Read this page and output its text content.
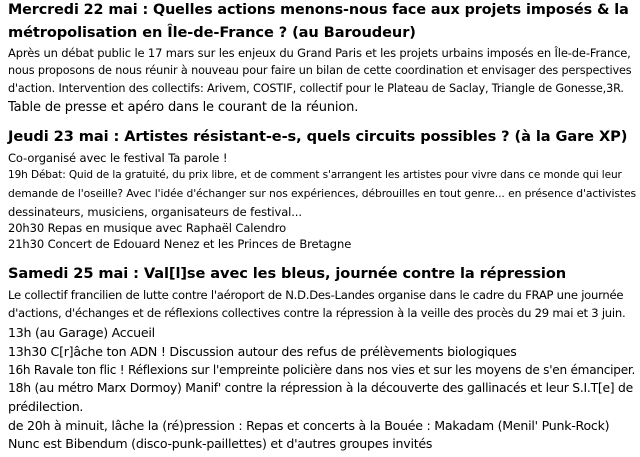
Mercredi 22 mai : Quelles actions menons-nous face aux projets imposés & la
métropolisation en Île-de-France ? (au Baroudeur)
Après un débat public le 17 mars sur les enjeux du Grand Paris et les projets urbains imposés en Île-de-France,
nous proposons de nous réunir à nouveau pour faire un bilan de cette coordination et envisager des perspectives
d'action. Intervention des collectifs: Arivem, COSTIF, collectif pour le Plateau de Saclay, Triangle de Gonesse,3R.
Table de presse et apéro dans le courant de la réunion.
Jeudi 23 mai : Artistes résistant-e-s, quels circuits possibles ? (à la Gare XP)
Co-organisé avec le festival Ta parole !
19h Débat: Quid de la gratuité, du prix libre, et de comment s'arrangent les artistes pour vivre dans ce monde qui leur
demande de l'oseille? Avec l'idée d'échanger sur nos expériences, débrouilles en tout genre... en présence d'activistes
dessinateurs, musiciens, organisateurs de festival...
20h30 Repas en musique avec Raphaël Calendro
21h30 Concert de Edouard Nenez et les Princes de Bretagne
Samedi 25 mai : Val[l]se avec les bleus, journée contre la répression
Le collectif francilien de lutte contre l'aéroport de N.D.Des-Landes organise dans le cadre du FRAP une journée
d'actions, d'échanges et de réflexions collectives contre la répression à la veille des procès du 29 mai et 3 juin.
13h (au Garage) Accueil
13h30 C[r]âche ton ADN ! Discussion autour des refus de prélèvements biologiques
16h Ravale ton flic ! Réflexions sur l'empreinte policière dans nos vies et sur les moyens de s'en émanciper.
18h (au métro Marx Dormoy) Manif' contre la répression à la découverte des gallinacés et leur S.I.T[e] de
prédilection.
de 20h à minuit, lâche la (ré)pression : Repas et concerts à la Bouée : Makadam (Menil' Punk-Rock)
Nunc est Bibendum (disco-punk-paillettes) et d'autres groupes invités
